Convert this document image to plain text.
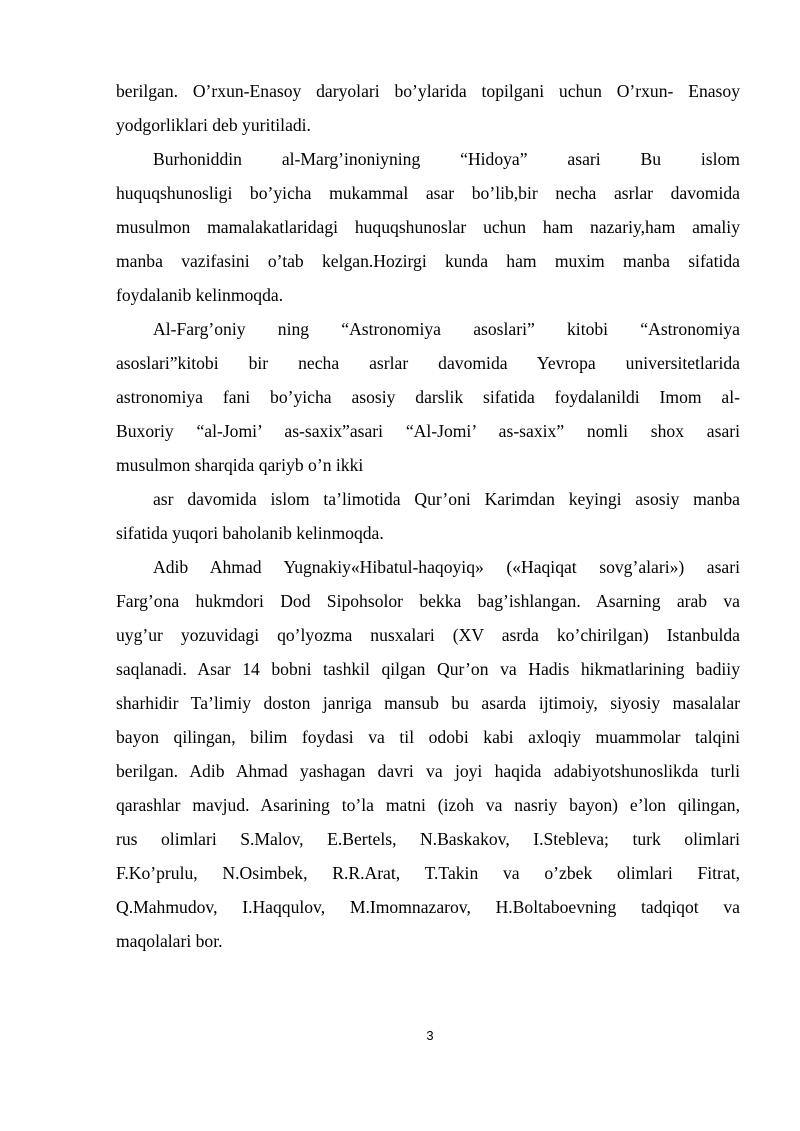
berilgan. O’rxun-Enasoy daryolari bo’ylarida topilgani uchun O’rxun- Enasoy
yodgorliklari deb yuritiladi.
Burhoniddin al-Marg’inoniyning “Hidoya” asari Bu islom
huquqshunosligi bo’yicha mukammal asar bo’lib,bir necha asrlar davomida
musulmon mamalakatlaridagi huquqshunoslar uchun ham nazariy,ham amaliy
manba vazifasini o’tab kelgan.Hozirgi kunda ham muxim manba sifatida
foydalanib kelinmoqda.
Al-Farg’oniy ning “Astronomiya asoslari” kitobi “Astronomiya
asoslari”kitobi bir necha asrlar davomida Yevropa universitetlarida
astronomiya fani bo’yicha asosiy darslik sifatida foydalanildi Imom al-
Buxoriy “al-Jomi’ as-saxix”asari “Al-Jomi’ as-saxix” nomli shox asari
musulmon sharqida qariyb o’n ikki
asr davomida islom ta’limotida Qur’oni Karimdan keyingi asosiy manba
sifatida yuqori baholanib kelinmoqda.
Adib Ahmad Yugnakiy«Hibatul-haqoyiq» («Haqiqat sovg’alari») asari
Farg’ona hukmdori Dod Sipohsolor bekka bag’ishlangan. Asarning arab va
uyg’ur yozuvidagi qo’lyozma nusxalari (XV asrda ko’chirilgan) Istanbulda
saqlanadi. Asar 14 bobni tashkil qilgan Qur’on va Hadis hikmatlarining badiiy
sharhidir Ta’limiy doston janriga mansub bu asarda ijtimoiy, siyosiy masalalar
bayon qilingan, bilim foydasi va til odobi kabi axloqiy muammolar talqini
berilgan. Adib Ahmad yashagan davri va joyi haqida adabiyotshunoslikda turli
qarashlar mavjud. Asarining to’la matni (izoh va nasriy bayon) e’lon qilingan,
rus olimlari S.Malov, E.Bertels, N.Baskakov, I.Stebleva; turk olimlari
F.Ko’prulu, N.Osimbek, R.R.Arat, T.Takin va o’zbek olimlari Fitrat,
Q.Mahmudov, I.Haqqulov, M.Imomnazarov, H.Boltaboevning tadqiqot va
maqolalari bor.
3
